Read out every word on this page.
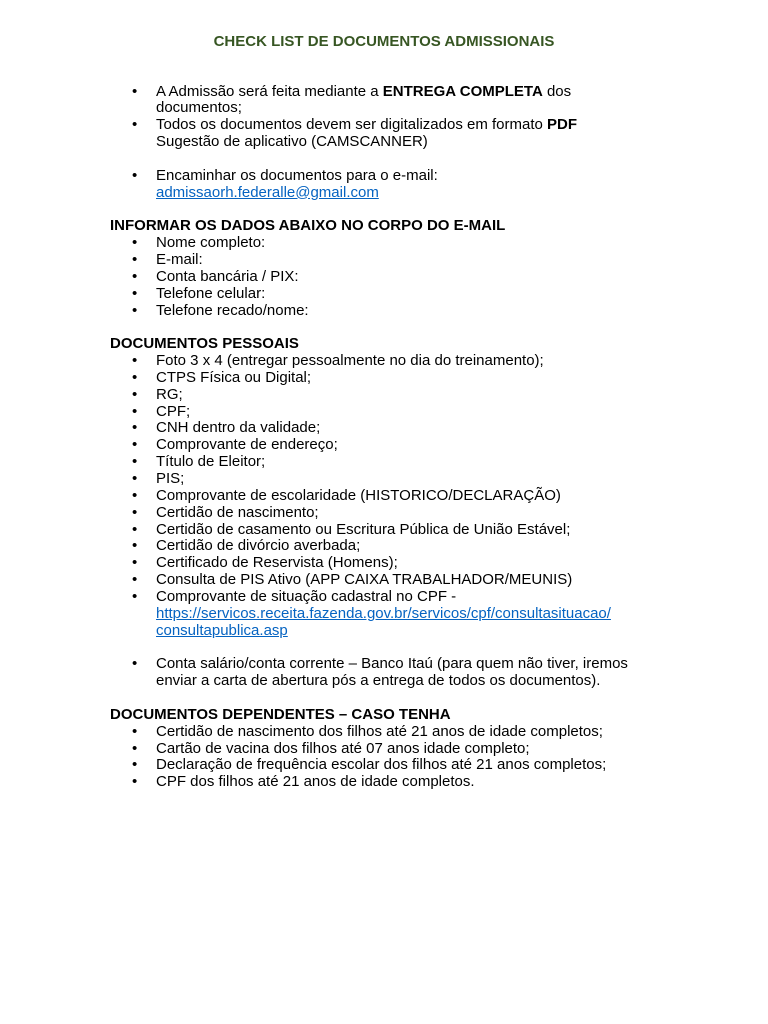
CHECK LIST DE DOCUMENTOS ADMISSIONAIS
• A Admissão será feita mediante a ENTREGA COMPLETA dos
documentos;
• Todos os documentos devem ser digitalizados em formato PDF
Sugestão de aplicativo (CAMSCANNER)
• Encaminhar os documentos para o e-mail:
admissaorh.federalle@gmail.com
INFORMAR OS DADOS ABAIXO NO CORPO DO E-MAIL
• Nome completo:
• E-mail:
• Conta bancária / PIX:
• Telefone celular:
• Telefone recado/nome:
DOCUMENTOS PESSOAIS
• Foto 3 x 4 (entregar pessoalmente no dia do treinamento);
• CTPS Física ou Digital;
• RG;
• CPF;
• CNH dentro da validade;
• Comprovante de endereço;
• Título de Eleitor;
• PIS;
• Comprovante de escolaridade (HISTORICO/DECLARAÇÃO)
• Certidão de nascimento;
• Certidão de casamento ou Escritura Pública de União Estável;
• Certidão de divórcio averbada;
• Certificado de Reservista (Homens);
• Consulta de PIS Ativo (APP CAIXA TRABALHADOR/MEUNIS)
• Comprovante de situação cadastral no CPF -
https://servicos.receita.fazenda.gov.br/servicos/cpf/consultasituacao/
consultapublica.asp
• Conta salário/conta corrente – Banco Itaú (para quem não tiver, iremos
enviar a carta de abertura pós a entrega de todos os documentos).
DOCUMENTOS DEPENDENTES – CASO TENHA
• Certidão de nascimento dos filhos até 21 anos de idade completos;
• Cartão de vacina dos filhos até 07 anos idade completo;
• Declaração de frequência escolar dos filhos até 21 anos completos;
• CPF dos filhos até 21 anos de idade completos.
